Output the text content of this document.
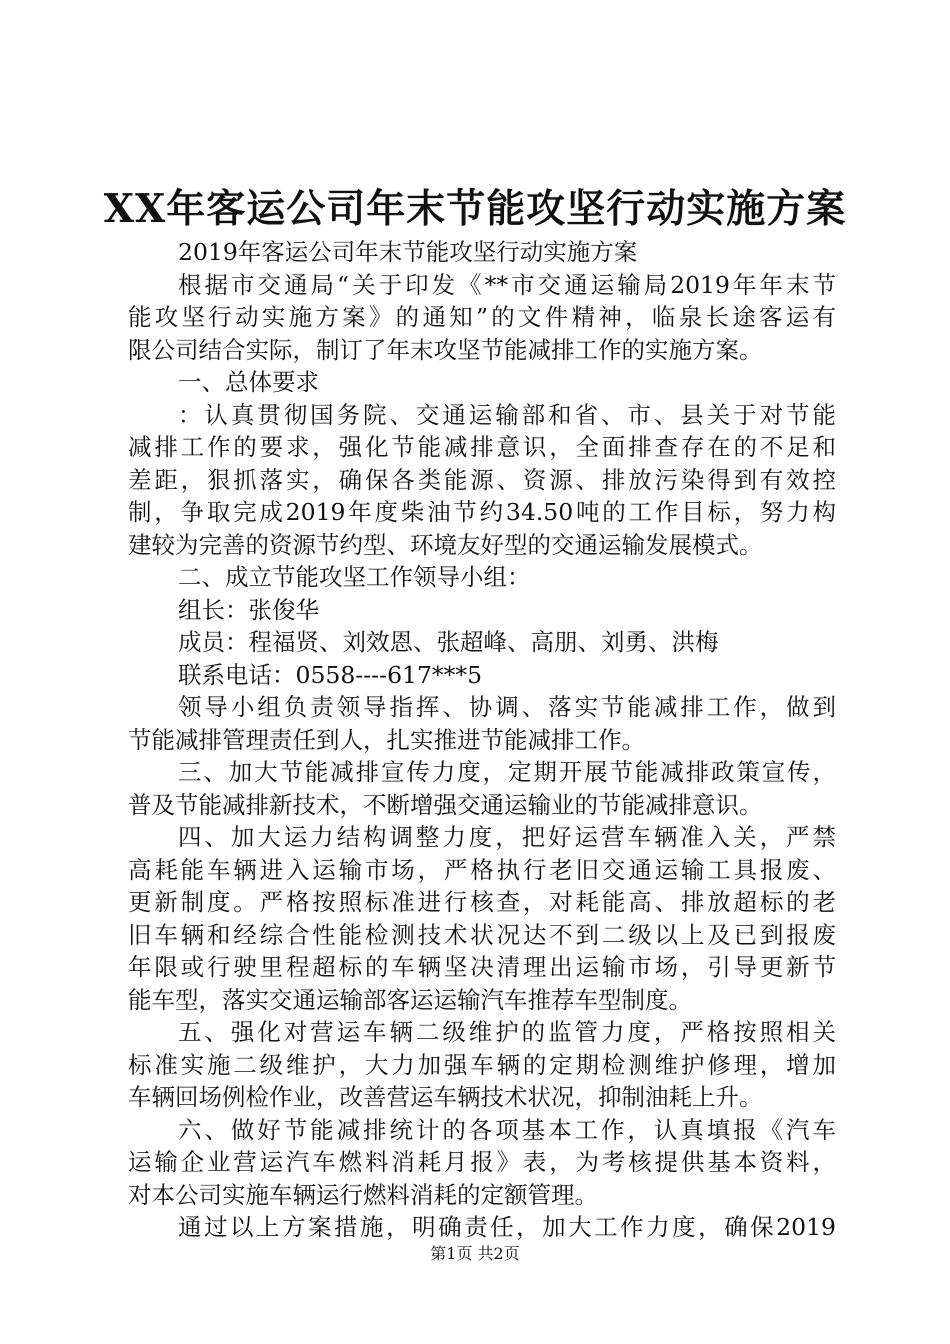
XX年客运公司年末节能攻坚行动实施方案
2019年客运公司年末节能攻坚行动实施方案
根据市交通局“关于印发《**市交通运输局2019年年末节
能攻坚行动实施方案》的通知”的文件精神，临泉长途客运有
限公司结合实际，制订了年末攻坚节能减排工作的实施方案。
一、总体要求
：认真贯彻国务院、交通运输部和省、市、县关于对节能
减排工作的要求，强化节能减排意识，全面排查存在的不足和
差距，狠抓落实，确保各类能源、资源、排放污染得到有效控
制，争取完成2019年度柴油节约34.50吨的工作目标，努力构
建较为完善的资源节约型、环境友好型的交通运输发展模式。
二、成立节能攻坚工作领导小组：
组长：张俊华
成员：程福贤、刘效恩、张超峰、高朋、刘勇、洪梅
联系电话：0558----617***5
领导小组负责领导指挥、协调、落实节能减排工作，做到
节能减排管理责任到人，扎实推进节能减排工作。
三、加大节能减排宣传力度，定期开展节能减排政策宣传，
普及节能减排新技术，不断增强交通运输业的节能减排意识。
四、加大运力结构调整力度，把好运营车辆准入关，严禁
高耗能车辆进入运输市场，严格执行老旧交通运输工具报废、
更新制度。严格按照标准进行核查，对耗能高、排放超标的老
旧车辆和经综合性能检测技术状况达不到二级以上及已到报废
年限或行驶里程超标的车辆坚决清理出运输市场，引导更新节
能车型，落实交通运输部客运运输汽车推荐车型制度。
五、强化对营运车辆二级维护的监管力度，严格按照相关
标准实施二级维护，大力加强车辆的定期检测维护修理，增加
车辆回场例检作业，改善营运车辆技术状况，抑制油耗上升。
六、做好节能减排统计的各项基本工作，认真填报《汽车
运输企业营运汽车燃料消耗月报》表，为考核提供基本资料，
对本公司实施车辆运行燃料消耗的定额管理。
通过以上方案措施，明确责任，加大工作力度，确保2019
第1页 共2页
